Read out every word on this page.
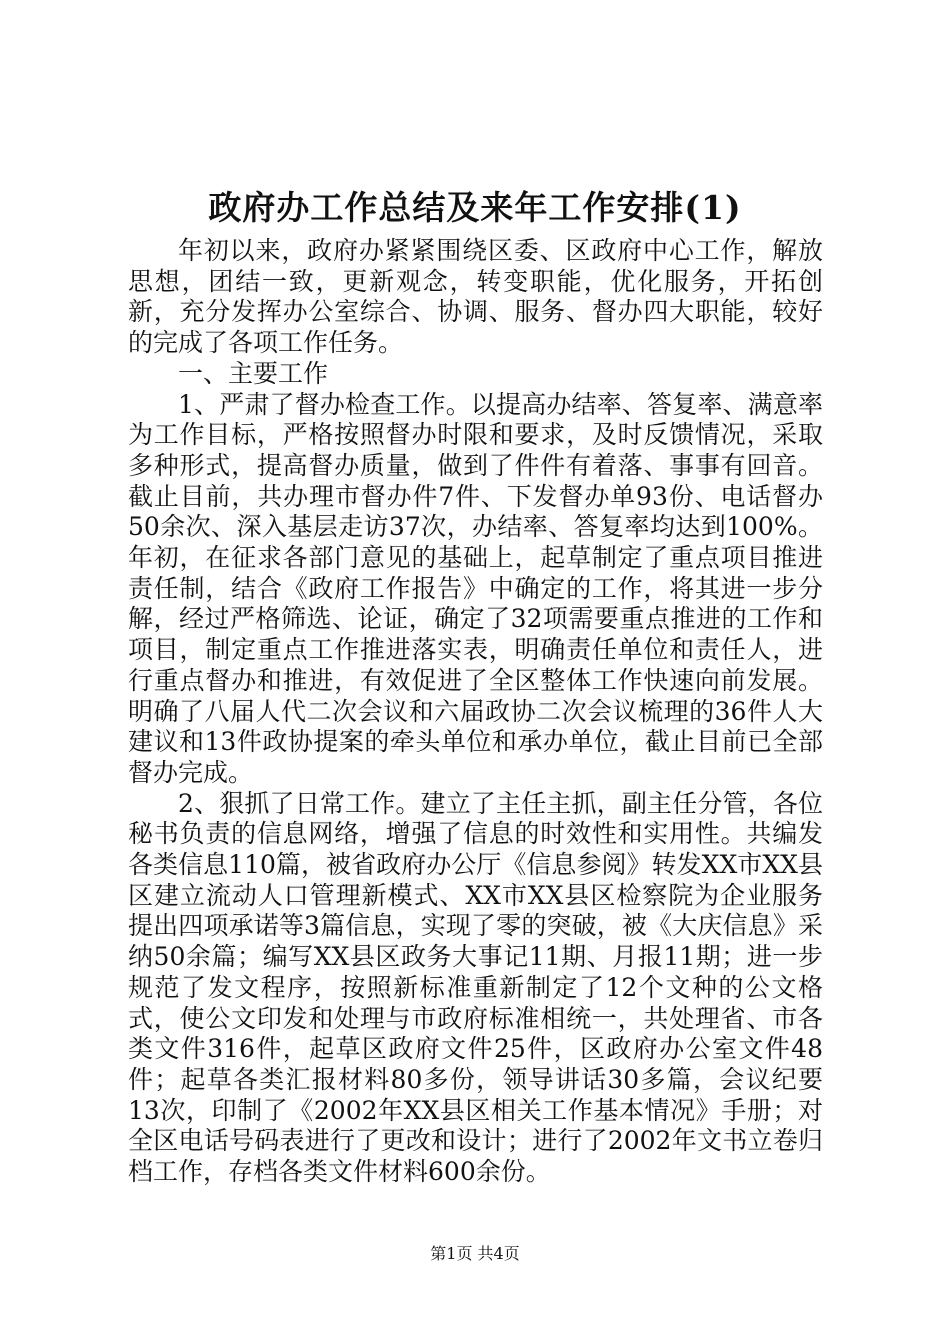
政府办工作总结及来年工作安排(1)

年初以来，政府办紧紧围绕区委、区政府中心工作，解放思想，团结一致，更新观念，转变职能，优化服务，开拓创新，充分发挥办公室综合、协调、服务、督办四大职能，较好的完成了各项工作任务。

一、主要工作

1、严肃了督办检查工作。以提高办结率、答复率、满意率为工作目标，严格按照督办时限和要求，及时反馈情况，采取多种形式，提高督办质量，做到了件件有着落、事事有回音。截止目前，共办理市督办件7件、下发督办单93份、电话督办50余次、深入基层走访37次，办结率、答复率均达到100%。年初，在征求各部门意见的基础上，起草制定了重点项目推进责任制，结合《政府工作报告》中确定的工作，将其进一步分解，经过严格筛选、论证，确定了32项需要重点推进的工作和项目，制定重点工作推进落实表，明确责任单位和责任人，进行重点督办和推进，有效促进了全区整体工作快速向前发展。明确了八届人代二次会议和六届政协二次会议梳理的36件人大建议和13件政协提案的牵头单位和承办单位，截止目前已全部督办完成。

2、狠抓了日常工作。建立了主任主抓，副主任分管，各位秘书负责的信息网络，增强了信息的时效性和实用性。共编发各类信息110篇，被省政府办公厅《信息参阅》转发XX市XX县区建立流动人口管理新模式、XX市XX县区检察院为企业服务提出四项承诺等3篇信息，实现了零的突破，被《大庆信息》采纳50余篇；编写XX县区政务大事记11期、月报11期；进一步规范了发文程序，按照新标准重新制定了12个文种的公文格式，使公文印发和处理与市政府标准相统一，共处理省、市各类文件316件，起草区政府文件25件，区政府办公室文件48件；起草各类汇报材料80多份，领导讲话30多篇，会议纪要13次，印制了《2002年XX县区相关工作基本情况》手册；对全区电话号码表进行了更改和设计；进行了2002年文书立卷归档工作，存档各类文件材料600余份。

第1页 共4页
